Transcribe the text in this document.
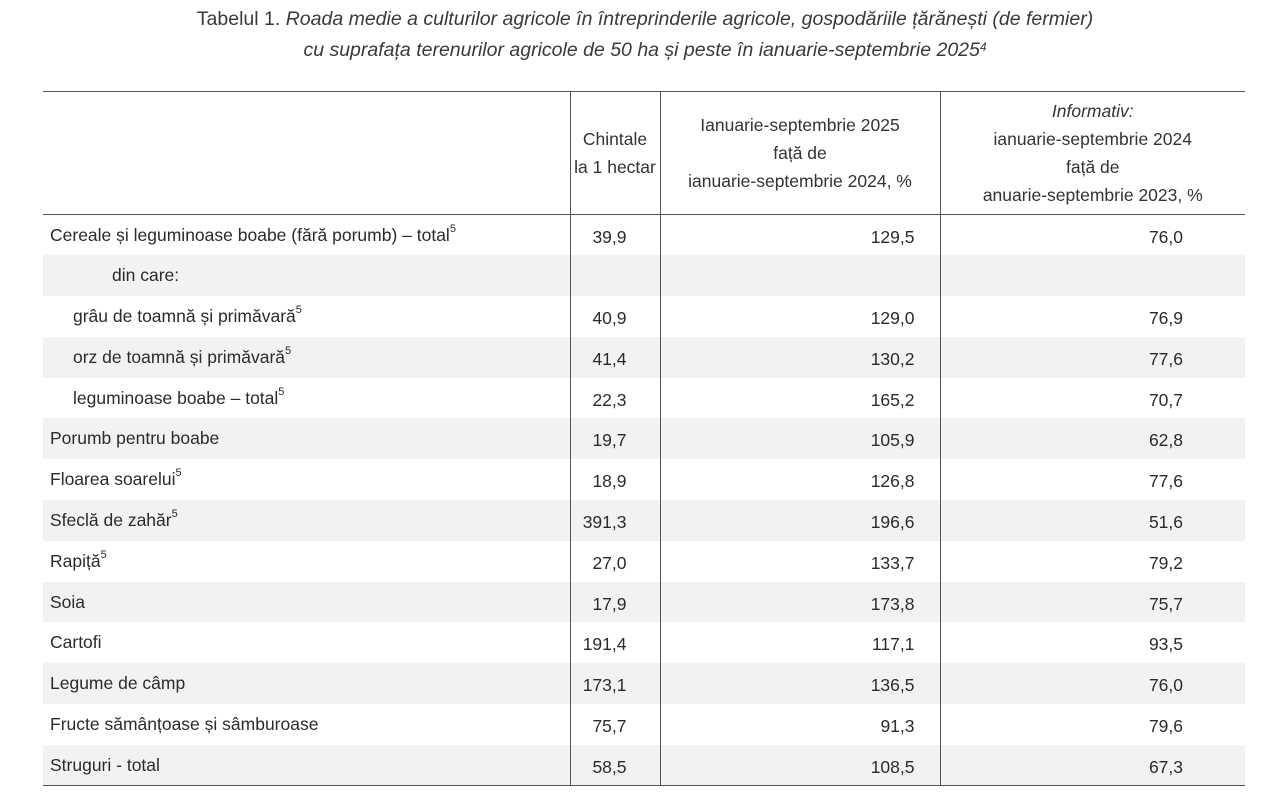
Tabelul 1. Roada medie a culturilor agricole în întreprinderile agricole, gospodăriile țărănești (de fermier)
cu suprafața terenurilor agricole de 50 ha și peste în ianuarie-septembrie 2025$^4$

	Chintale
la 1 hectar	Ianuarie-septembrie 2025
față de
ianuarie-septembrie 2024, %	Informativ:
ianuarie-septembrie 2024
față de
anuarie-septembrie 2023, %

Cereale și leguminoase boabe (fără porumb) – total$^5$	39,9	129,5	76,0
din care:			
grâu de toamnă și primăvară$^5$	40,9	129,0	76,9
orz de toamnă și primăvară$^5$	41,4	130,2	77,6
leguminoase boabe – total$^5$	22,3	165,2	70,7
Porumb pentru boabe	19,7	105,9	62,8
Floarea soarelui$^5$	18,9	126,8	77,6
Sfeclă de zahăr$^5$	391,3	196,6	51,6
Rapiță$^5$	27,0	133,7	79,2
Soia	17,9	173,8	75,7
Cartofi	191,4	117,1	93,5
Legume de câmp	173,1	136,5	76,0
Fructe sămânțoase și sâmburoase	75,7	91,3	79,6
Struguri - total	58,5	108,5	67,3
